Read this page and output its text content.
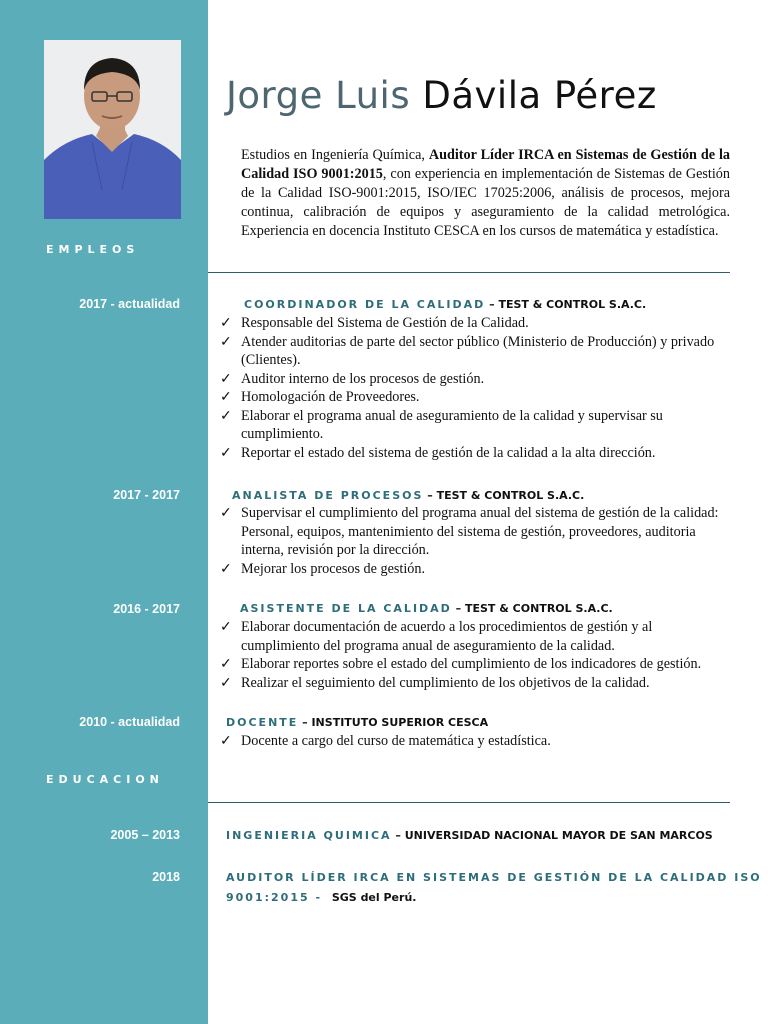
Jorge Luis Dávila Pérez
Estudios en Ingeniería Química, Auditor Líder IRCA en Sistemas de Gestión de la Calidad ISO 9001:2015, con experiencia en implementación de Sistemas de Gestión de la Calidad ISO-9001:2015, ISO/IEC 17025:2006, análisis de procesos, mejora continua, calibración de equipos y aseguramiento de la calidad metrológica. Experiencia en docencia Instituto CESCA en los cursos de matemática y estadística.
EMPLEOS
2017 - actualidad	COORDINADOR DE LA CALIDAD – TEST & CONTROL S.A.C.
✓ Responsable del Sistema de Gestión de la Calidad.
✓ Atender auditorias de parte del sector público (Ministerio de Producción) y privado (Clientes).
✓ Auditor interno de los procesos de gestión.
✓ Homologación de Proveedores.
✓ Elaborar el programa anual de aseguramiento de la calidad y supervisar su cumplimiento.
✓ Reportar el estado del sistema de gestión de la calidad a la alta dirección.
2017 - 2017	ANALISTA DE PROCESOS – TEST & CONTROL S.A.C.
✓ Supervisar el cumplimiento del programa anual del sistema de gestión de la calidad: Personal, equipos, mantenimiento del sistema de gestión, proveedores, auditoria interna, revisión por la dirección.
✓ Mejorar los procesos de gestión.
2016 - 2017	ASISTENTE DE LA CALIDAD – TEST & CONTROL S.A.C.
✓ Elaborar documentación de acuerdo a los procedimientos de gestión y al cumplimiento del programa anual de aseguramiento de la calidad.
✓ Elaborar reportes sobre el estado del cumplimiento de los indicadores de gestión.
✓ Realizar el seguimiento del cumplimiento de los objetivos de la calidad.
2010 - actualidad	DOCENTE – INSTITUTO SUPERIOR CESCA
✓ Docente a cargo del curso de matemática y estadística.
EDUCACION
2005 – 2013	INGENIERIA QUIMICA – UNIVERSIDAD NACIONAL MAYOR DE SAN MARCOS
2018	AUDITOR LÍDER IRCA EN SISTEMAS DE GESTIÓN DE LA CALIDAD ISO
9001:2015 - SGS del Perú.
